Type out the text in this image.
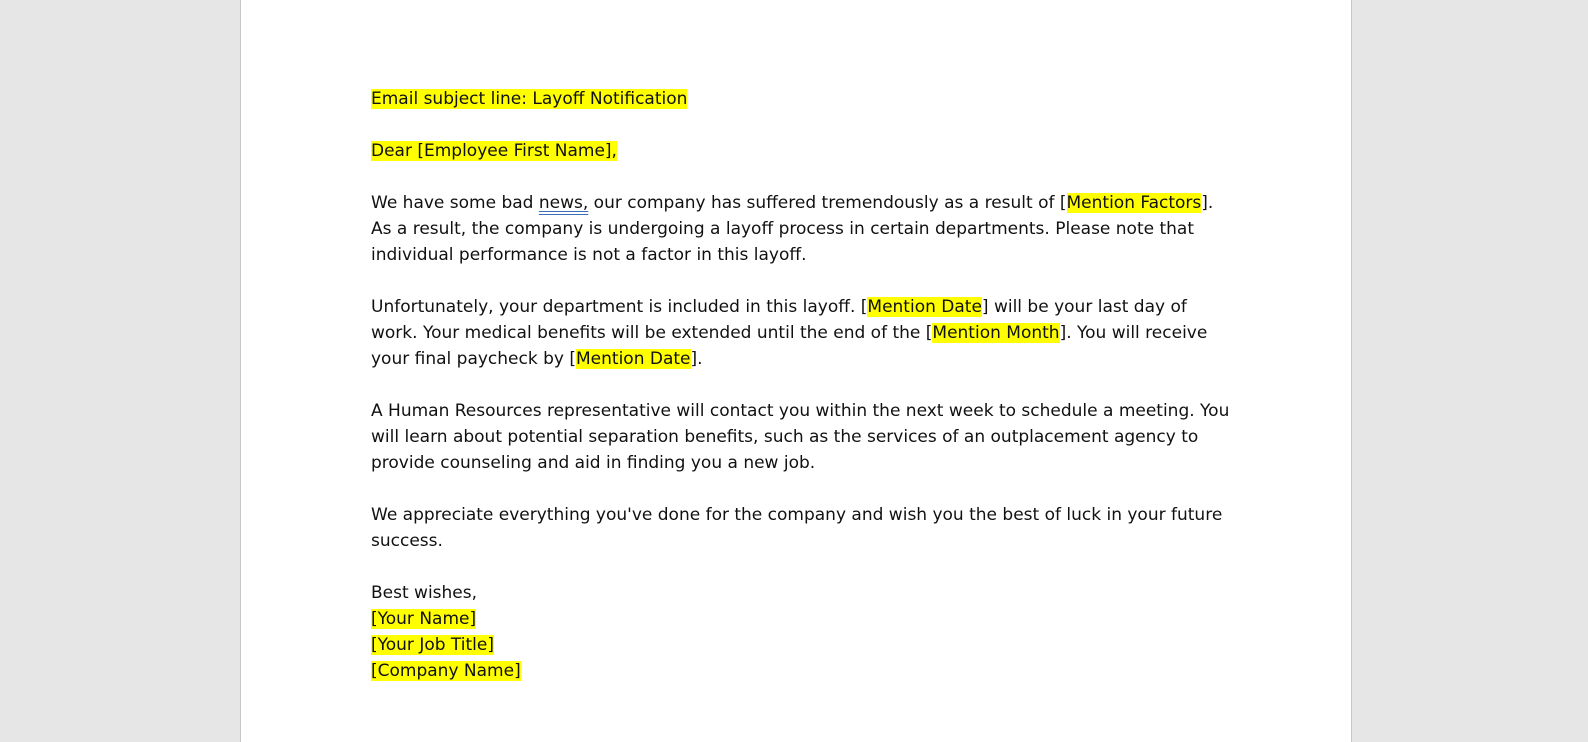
Email subject line: Layoff Notification

Dear [Employee First Name],

We have some bad news, our company has suffered tremendously as a result of [Mention Factors]. As a result, the company is undergoing a layoff process in certain departments. Please note that individual performance is not a factor in this layoff.

Unfortunately, your department is included in this layoff. [Mention Date] will be your last day of work. Your medical benefits will be extended until the end of the [Mention Month]. You will receive your final paycheck by [Mention Date].

A Human Resources representative will contact you within the next week to schedule a meeting. You will learn about potential separation benefits, such as the services of an outplacement agency to provide counseling and aid in finding you a new job.

We appreciate everything you've done for the company and wish you the best of luck in your future success.

Best wishes,
[Your Name]
[Your Job Title]
[Company Name]
